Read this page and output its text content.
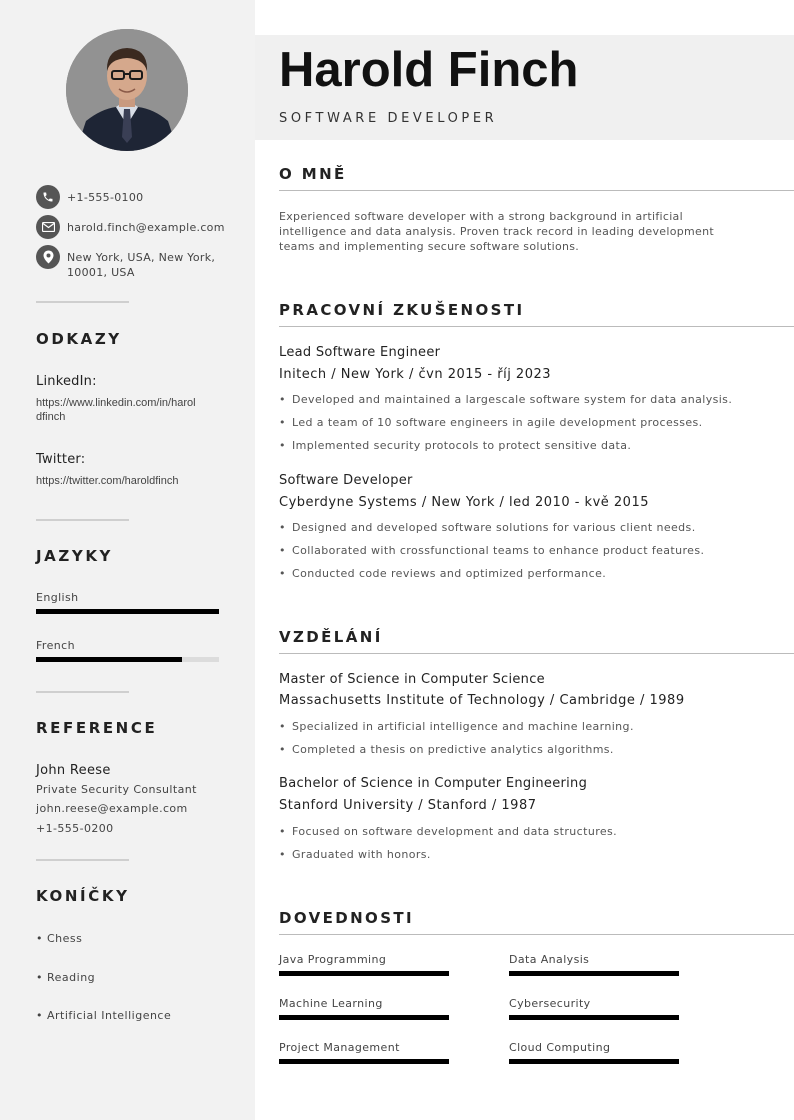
+1-555-0100
harold.finch@example.com
New York, USA, New York,
10001, USA
ODKAZY
LinkedIn:
https://www.linkedin.com/in/harol
dfinch
Twitter:
https://twitter.com/haroldfinch
JAZYKY
English
French
REFERENCE
John Reese
Private Security Consultant
john.reese@example.com
+1-555-0200
KONÍČKY
• Chess
• Reading
• Artificial Intelligence
Harold Finch
SOFTWARE DEVELOPER
O MNĚ
Experienced software developer with a strong background in artificial
intelligence and data analysis. Proven track record in leading development
teams and implementing secure software solutions.
PRACOVNÍ ZKUŠENOSTI
Lead Software Engineer
Initech / New York / čvn 2015 - říj 2023
• Developed and maintained a largescale software system for data analysis.
• Led a team of 10 software engineers in agile development processes.
• Implemented security protocols to protect sensitive data.
Software Developer
Cyberdyne Systems / New York / led 2010 - kvě 2015
• Designed and developed software solutions for various client needs.
• Collaborated with crossfunctional teams to enhance product features.
• Conducted code reviews and optimized performance.
VZDĚLÁNÍ
Master of Science in Computer Science
Massachusetts Institute of Technology / Cambridge / 1989
• Specialized in artificial intelligence and machine learning.
• Completed a thesis on predictive analytics algorithms.
Bachelor of Science in Computer Engineering
Stanford University / Stanford / 1987
• Focused on software development and data structures.
• Graduated with honors.
DOVEDNOSTI
Java Programming	Data Analysis
Machine Learning	Cybersecurity
Project Management	Cloud Computing
